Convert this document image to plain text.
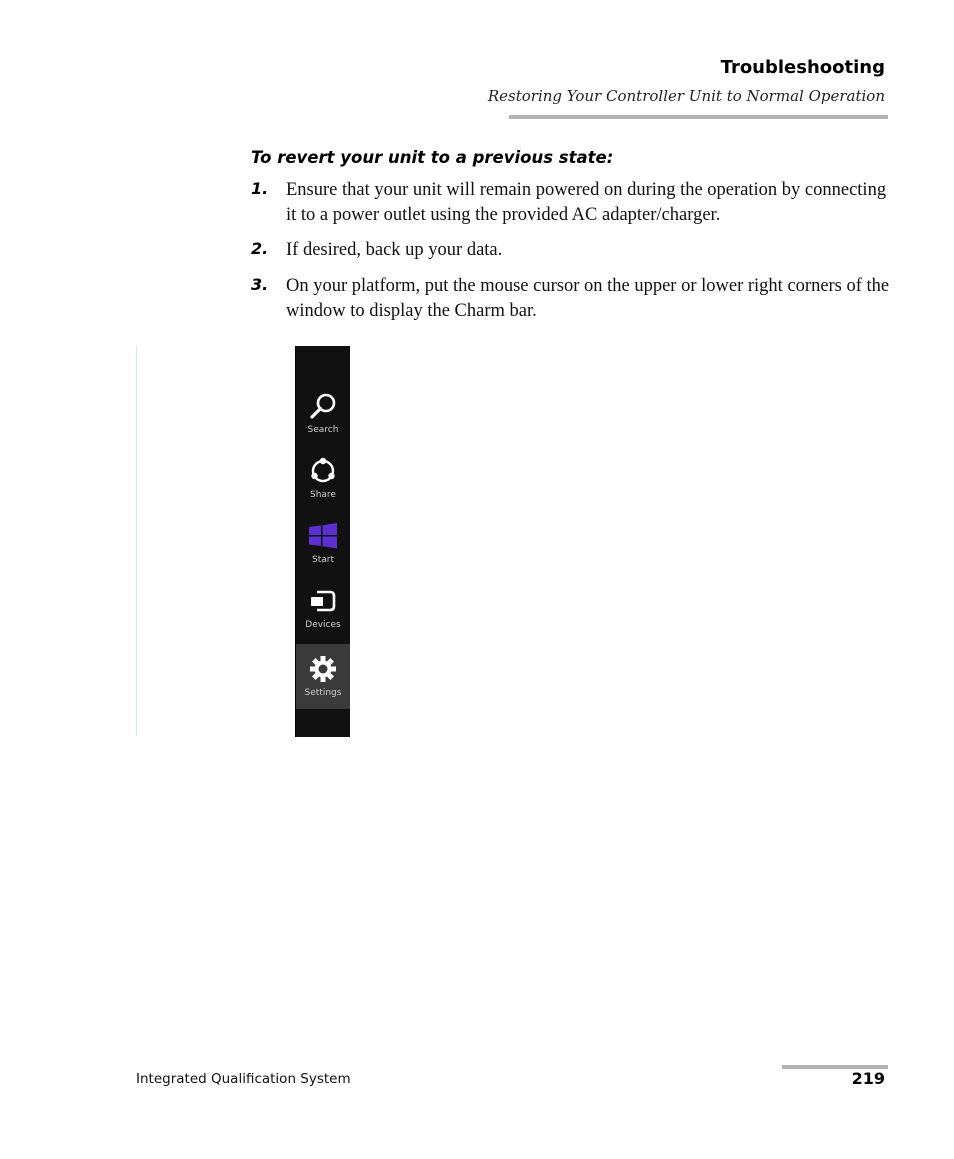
Troubleshooting
Restoring Your Controller Unit to Normal Operation
To revert your unit to a previous state:
1. Ensure that your unit will remain powered on during the operation by connecting it to a power outlet using the provided AC adapter/charger.
2. If desired, back up your data.
3. On your platform, put the mouse cursor on the upper or lower right corners of the window to display the Charm bar.
Search
Share
Start
Devices
Settings
Integrated Qualification System	219
